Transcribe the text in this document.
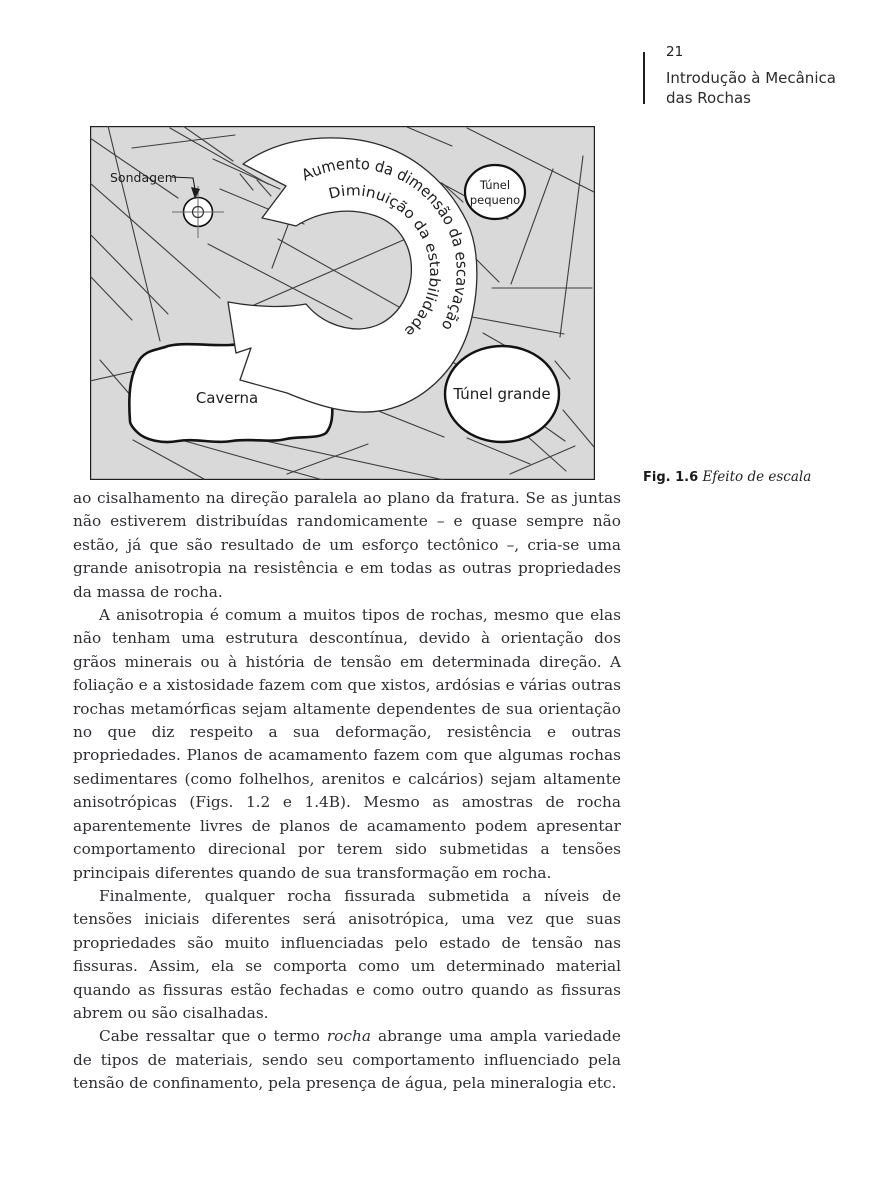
21
Introdução à Mecânica
das Rochas
Aumento da dimensão da escavação
Diminuição da estabilidade
Sondagem	Túnel
pequeno
Túnel grande
Caverna
Fig. 1.6 Efeito de escala

ao cisalhamento na direção paralela ao plano da fratura. Se as juntas não estiverem distribuídas randomicamente – e quase sempre não estão, já que são resultado de um esforço tectônico –, cria-se uma grande anisotropia na resistência e em todas as outras propriedades da massa de rocha.

A anisotropia é comum a muitos tipos de rochas, mesmo que elas não tenham uma estrutura descontínua, devido à orientação dos grãos minerais ou à história de tensão em determinada direção. A foliação e a xistosidade fazem com que xistos, ardósias e várias outras rochas metamórficas sejam altamente dependentes de sua orientação no que diz respeito a sua deformação, resistência e outras propriedades. Planos de acamamento fazem com que algumas rochas sedimentares (como folhelhos, arenitos e calcários) sejam altamente anisotrópicas (Figs. 1.2 e 1.4B). Mesmo as amostras de rocha aparentemente livres de planos de acamamento podem apresentar comportamento direcional por terem sido submetidas a tensões principais diferentes quando de sua transformação em rocha.

Finalmente, qualquer rocha fissurada submetida a níveis de tensões iniciais diferentes será anisotrópica, uma vez que suas propriedades são muito influenciadas pelo estado de tensão nas fissuras. Assim, ela se comporta como um determinado material quando as fissuras estão fechadas e como outro quando as fissuras abrem ou são cisalhadas.

Cabe ressaltar que o termo rocha abrange uma ampla variedade de tipos de materiais, sendo seu comportamento influenciado pela tensão de confinamento, pela presença de água, pela mineralogia etc.
